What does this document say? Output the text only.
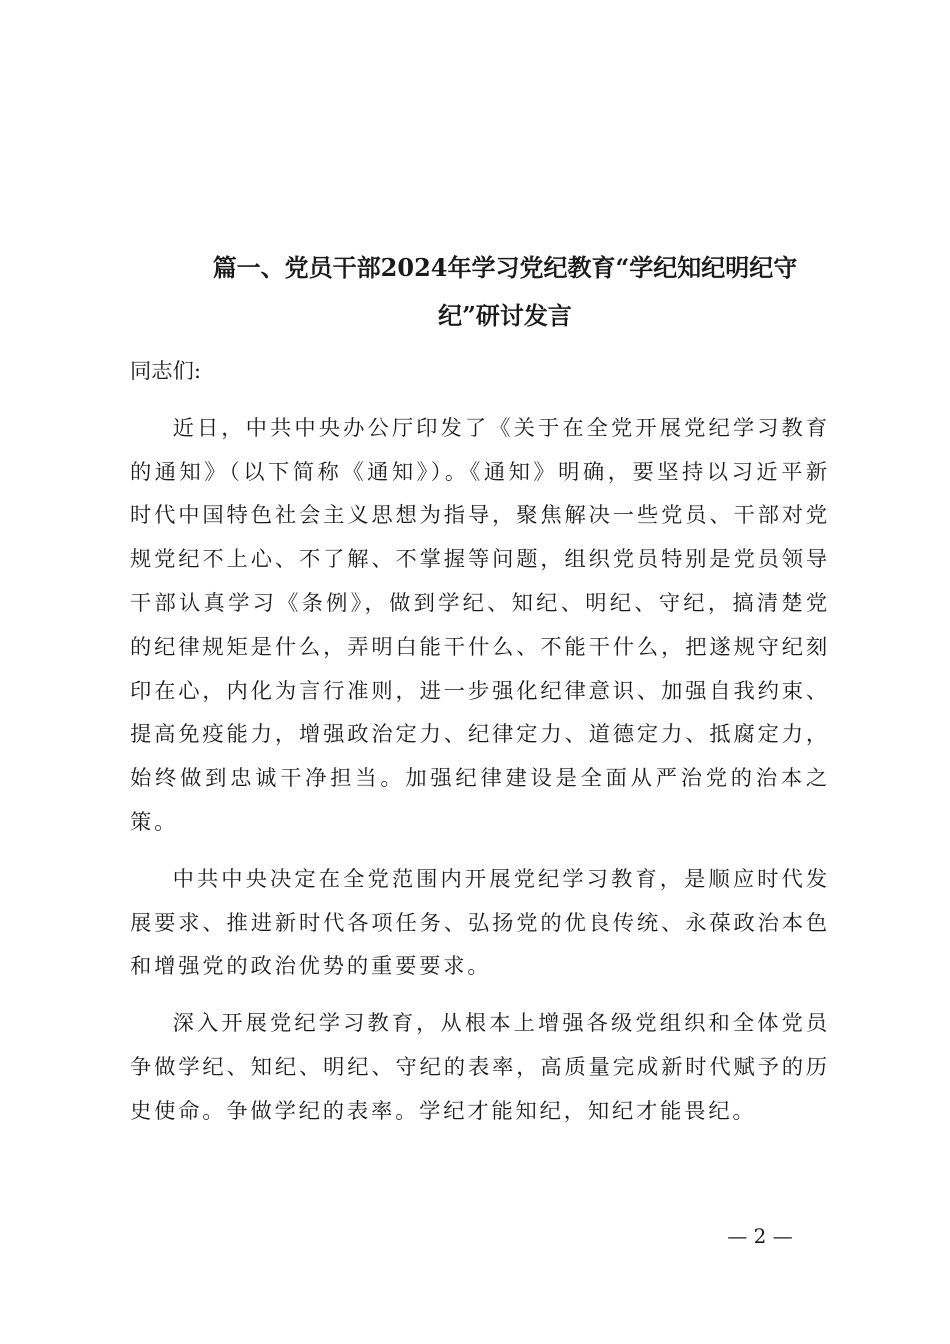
篇一、党员干部2024年学习党纪教育“学纪知纪明纪守
纪”研讨发言

同志们:

近日，中共中央办公厅印发了《关于在全党开展党纪学习教育的通知》（以下简称《通知》）。《通知》明确，要坚持以习近平新时代中国特色社会主义思想为指导，聚焦解决一些党员、干部对党规党纪不上心、不了解、不掌握等问题，组织党员特别是党员领导干部认真学习《条例》，做到学纪、知纪、明纪、守纪，搞清楚党的纪律规矩是什么，弄明白能干什么、不能干什么，把遂规守纪刻印在心，内化为言行准则，进一步强化纪律意识、加强自我约束、提高免疫能力，增强政治定力、纪律定力、道德定力、抵腐定力，始终做到忠诚干净担当。加强纪律建设是全面从严治党的治本之策。

中共中央决定在全党范围内开展党纪学习教育，是顺应时代发展要求、推进新时代各项任务、弘扬党的优良传统、永葆政治本色和增强党的政治优势的重要要求。

深入开展党纪学习教育，从根本上增强各级党组织和全体党员争做学纪、知纪、明纪、守纪的表率，高质量完成新时代赋予的历史使命。争做学纪的表率。学纪才能知纪，知纪才能畏纪。

— 2 —
